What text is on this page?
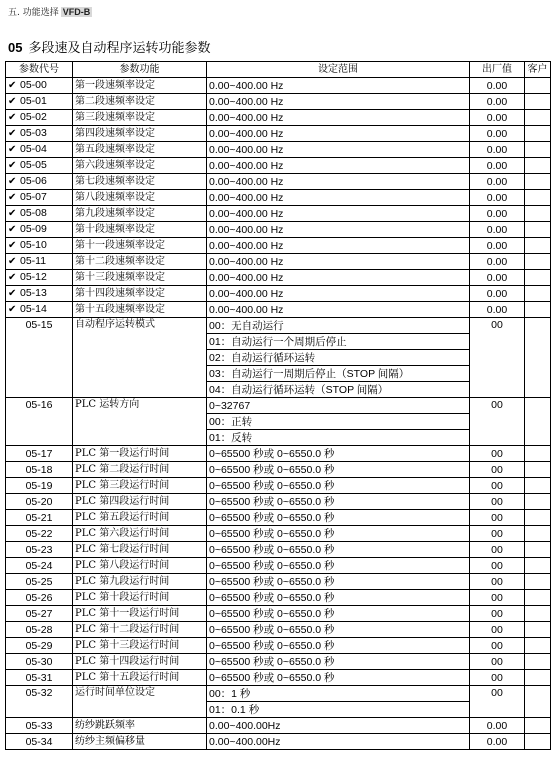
五. 功能选择 VFD-B
05 多段速及自动程序运转功能参数
参数代号	参数功能	设定范围	出厂值	客户
✔ 05-00	第一段速频率设定	0.00~400.00 Hz	0.00	
✔ 05-01	第二段速频率设定	0.00~400.00 Hz	0.00	
✔ 05-02	第三段速频率设定	0.00~400.00 Hz	0.00	
✔ 05-03	第四段速频率设定	0.00~400.00 Hz	0.00	
✔ 05-04	第五段速频率设定	0.00~400.00 Hz	0.00	
✔ 05-05	第六段速频率设定	0.00~400.00 Hz	0.00	
✔ 05-06	第七段速频率设定	0.00~400.00 Hz	0.00	
✔ 05-07	第八段速频率设定	0.00~400.00 Hz	0.00	
✔ 05-08	第九段速频率设定	0.00~400.00 Hz	0.00	
✔ 05-09	第十段速频率设定	0.00~400.00 Hz	0.00	
✔ 05-10	第十一段速频率设定	0.00~400.00 Hz	0.00	
✔ 05-11	第十二段速频率设定	0.00~400.00 Hz	0.00	
✔ 05-12	第十三段速频率设定	0.00~400.00 Hz	0.00	
✔ 05-13	第十四段速频率设定	0.00~400.00 Hz	0.00	
✔ 05-14	第十五段速频率设定	0.00~400.00 Hz	0.00	
05-15	自动程序运转模式	00：无自动运行	00	
		01：自动运行一个周期后停止		
		02：自动运行循环运转		
		03：自动运行一周期后停止（STOP 间隔）		
		04：自动运行循环运转（STOP 间隔）		
05-16	PLC 运转方向	0~32767	00	
		00：正转		
		01：反转		
05-17	PLC 第一段运行时间	0~65500 秒或 0~6550.0 秒	00	
05-18	PLC 第二段运行时间	0~65500 秒或 0~6550.0 秒	00	
05-19	PLC 第三段运行时间	0~65500 秒或 0~6550.0 秒	00	
05-20	PLC 第四段运行时间	0~65500 秒或 0~6550.0 秒	00	
05-21	PLC 第五段运行时间	0~65500 秒或 0~6550.0 秒	00	
05-22	PLC 第六段运行时间	0~65500 秒或 0~6550.0 秒	00	
05-23	PLC 第七段运行时间	0~65500 秒或 0~6550.0 秒	00	
05-24	PLC 第八段运行时间	0~65500 秒或 0~6550.0 秒	00	
05-25	PLC 第九段运行时间	0~65500 秒或 0~6550.0 秒	00	
05-26	PLC 第十段运行时间	0~65500 秒或 0~6550.0 秒	00	
05-27	PLC 第十一段运行时间	0~65500 秒或 0~6550.0 秒	00	
05-28	PLC 第十二段运行时间	0~65500 秒或 0~6550.0 秒	00	
05-29	PLC 第十三段运行时间	0~65500 秒或 0~6550.0 秒	00	
05-30	PLC 第十四段运行时间	0~65500 秒或 0~6550.0 秒	00	
05-31	PLC 第十五段运行时间	0~65500 秒或 0~6550.0 秒	00	
05-32	运行时间单位设定	00：1 秒	00	
		01：0.1 秒		
05-33	纺纱跳跃频率	0.00~400.00Hz	0.00	
05-34	纺纱主频偏移量	0.00~400.00Hz	0.00	
